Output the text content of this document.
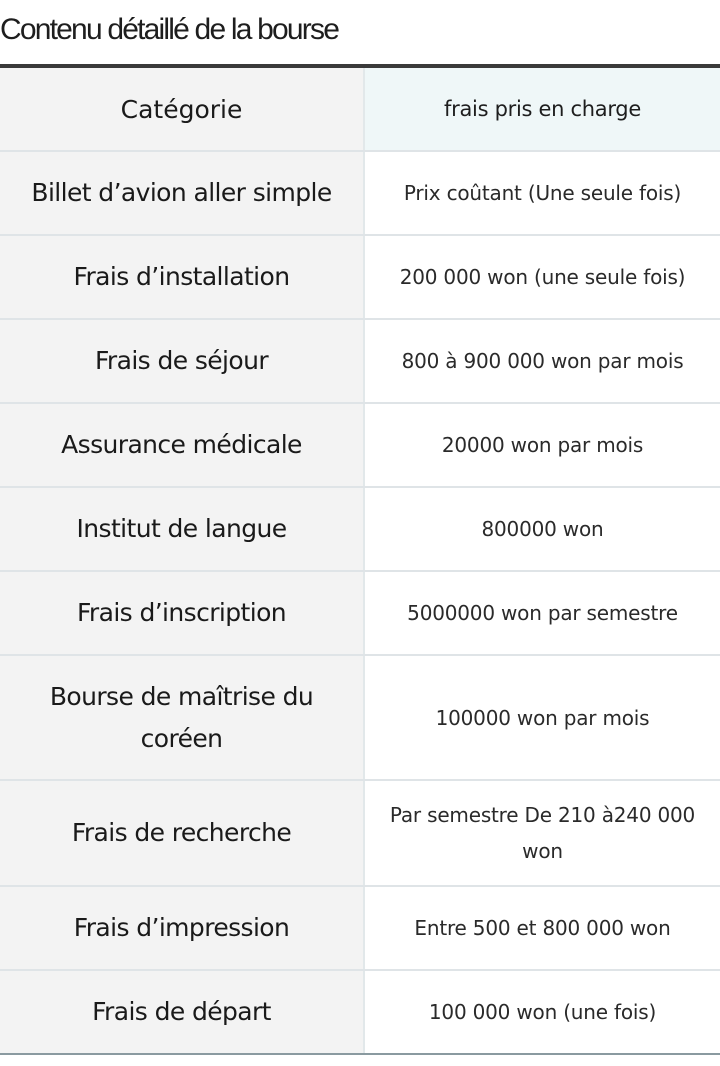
Contenu détaillé de la bourse
Catégorie	frais pris en charge
Billet d’avion aller simple	Prix coûtant (Une seule fois)
Frais d’installation	200 000 won (une seule fois)
Frais de séjour	800 à 900 000 won par mois
Assurance médicale	20000 won par mois
Institut de langue	800000 won
Frais d’inscription	5000000 won par semestre
Bourse de maîtrise du coréen	100000 won par mois
Frais de recherche	Par semestre De 210 à240 000 won
Frais d’impression	Entre 500 et 800 000 won
Frais de départ	100 000 won (une fois)
